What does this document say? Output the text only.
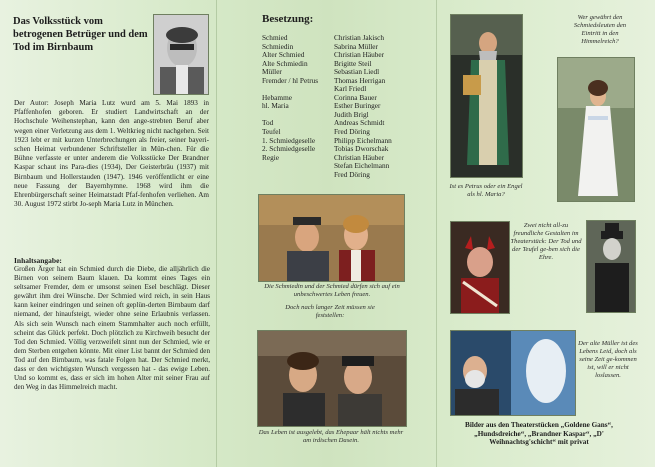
Das Volksstück vom betrogenen Betrüger und dem Tod im Birnbaum
Der Autor: Joseph Maria Lutz wurd am 5. Mai 1893 in Pfaffenhofen geboren. Er studiert Landwirtschaft an der Hochschule Weihenstephan, kann den ange-strebten Beruf aber wegen einer Verletzung aus dem 1. Weltkrieg nicht nachgehen. Seit 1923 lebt er mit kurzen Unterbrechungen als freier, seiner bayeri-schen Heimat verbundener Schriftsteller in Mün-chen. Für die Bühne verfasste er unter anderem die Volksstücke Der Brandner Kaspar schaut ins Para-dies (1934), Der Geisterbräu (1937) mit Birnbaum und Hollerstauden (1947). 1946 veröffentlicht er eine neue Fassung der Bayernhymne. 1968 wird ihm die Ehrenbürgerschaft seiner Heimatstadt Pfaf-fenhofen verliehen. Am 30. August 1972 stirbt Jo-seph Maria Lutz in München.
Inhaltsangabe:
Großen Ärger hat ein Schmied durch die Diebe, die alljährlich die Birnen von seinem Baum klauen. Da kommt eines Tages ein seltsamer Fremder, dem er umsonst seinen Esel beschlägt. Dieser gewährt ihm drei Wünsche. Der Schmied wird reich, in sein Haus kann keiner eindringen und seinen oft geplün-derten Birnbaum darf niemand, der hinaufsteigt, wieder ohne seine Erlaubnis verlassen. Als sich sein Wunsch nach einem Stammhalter auch noch erfüllt, scheint das Glück perfekt. Doch plötzlich zu Kirchweih besucht der Tod den Schmied. Völlig verzweifelt sinnt nun der Schmied, wie er dem Sterben entgehen könnte. Mit einer List bannt der Schmied den Tod auf den Birnbaum, was fatale Folgen hat. Der Schmied merkt, dass er den wichtigsten Wunsch vergessen hat - das ewige Leben. Und so kommt es, dass er sich im hohen Alter mit seiner Frau auf den Weg in das Himmelreich macht.
Besetzung:
Schmied	Christian Jakisch
Schmiedin	Sabrina Müller
Alter Schmied	Christian Häuber
Alte Schmiedin	Brigitte Steil
Müller	Sebastian Liedl
Fremder / hl Petrus	Thomas Herrigan
Karl Friedl
Hebamme	Corinna Bauer
hl. Maria	Esther Buringer
Judith Brigl
Tod	Andreas Schmidt
Teufel	Fred Döring
1. Schmiedgeselle	Philipp Eichelmann
2. Schmiedgeselle	Tobias Dworschak
Regie	Christian Häuber
Stefan Eichelmann
Fred Döring
Die Schmiedin und der Schmied dürfen sich auf ein unbeschwertes Leben freuen.
Doch nach langer Zeit müssen sie feststellen:
Das Leben ist ausgelebt, das Ehepaar hält nichts mehr am irdischen Dasein.
Wer gewährt den Schmiedsleuten den Eintritt in den Himmelreich?
Ist es Petrus oder ein Engel als hl. Maria?
Zwei nicht all-zu freundliche Gestalten im Theaterstück: Der Tod und der Teufel ge-ben sich die Ehre.
Der alte Müller ist des Lebens Leid, doch als seine Zeit ge-kommen ist, will er nicht loslassen.
Bilder aus den Theaterstücken „Goldene Gans“, „Hundsdreiche“, „Brandner Kaspar“, „D' Weihnachtsg'schicht“ mit privat
